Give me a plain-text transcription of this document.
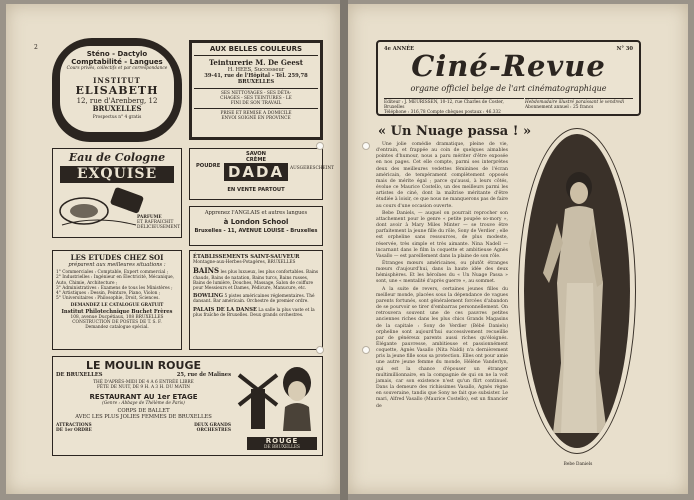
2
Sténo - Dactylo
Comptabilité - Langues
Cours privés, collectifs et par correspondance
INSTITUT
ELISABETH
12, rue d'Arenberg, 12
BRUXELLES
Prospectus n° 4 gratis
AUX BELLES COULEURS
Teinturerie M. De Geest
H. HEES, Successeur
39-41, rue de l'Hôpital - Tél. 259,78
BRUXELLES
SES NETTOYAGES - SES DÉTA-
CHAGES - SES TEINTURES - LE
FINI DE SON TRAVAIL
PRISE ET REMISE A DOMICILE
ENVOI SOIGNÉ EN PROVINCE
Eau de Cologne
EXQUISE
PARFUME
ET RAFRAICHIT
DÉLICIEUSEMENT
SAVON
CRÈME
POUDRE DADA	AUSGEBESCHEINT
EN VENTE PARTOUT
Apprenez l'ANGLAIS et autres langues
à London School
Bruxelles - 11, AVENUE LOUISE - Bruxelles
LES ETUDES CHEZ SOI
préparent aux meilleures situations :
1° Commerciales : Comptable, Expert commercial ;
2° Industrielles : Ingénieur en Électricité, Mécanique, Auto, Chimie, Architecture ;
3° Administratives : Examens de tous les Ministères ;
4° Artistiques : Dessin, Peinture, Piano, Violon ;
5° Universitaires : Philosophie, Droit, Sciences.
DEMANDEZ LE CATALOGUE GRATUIT
Institut Philotechnique Buchet Frères
108, avenue Ducpétiaux, 108 BRUXELLES
CONSTRUCTION DE POSTES DE T. S. F.
Demandez catalogue spécial.
ÉTABLISSEMENTS SAINT-SAUVEUR
Montagne-aux-Herbes-Potagères, BRUXELLES
BAINS les plus luxueux, les plus confortables. Bains chauds, Bains de natation, Bains turcs, Bains russes, Bains de lumière, Douches, Massage, Salon de coiffure pour Messieurs et Dames, Pédicure, Manucure, etc.
BOWLING 5 pistes américaines réglementaires. Thé dansant. Bar américain. Orchestre de premier ordre.
PALAIS DE LA DANSE La salle la plus vaste et la plus fraîche de Bruxelles. Deux grands orchestres.
LE MOULIN ROUGE
DE BRUXELLES	25, rue de Malines
THÉ D'APRÈS-MIDI DE 4 A 6 ENTRÉE LIBRE
FÊTE DE NUIT, DE 9 H. A 3 H. DU MATIN
RESTAURANT AU 1er ETAGE
(Genre : Abbaye de Thélème de Paris)
CORPS DE BALLET
AVEC LES PLUS JOLIES FEMMES DE BRUXELLES
ATTRACTIONS
DE 1er ORDRE
DEUX GRANDS
ORCHESTRES
ROUGE
DE BRUXELLES
4e ANNÉE	N° 30
Ciné-Revue
organe officiel belge de l'art cinématographique
Éditeur : J. MEURISSEN, 10-12, rue Charles de Coster, Bruxelles
Téléphone : 316,78 Compte chèques postaux : 46.332
Hebdomadaire illustré paraissant le vendredi
Abonnement annuel : 25 francs
« Un Nuage passa ! »

Une jolie comédie dramatique, pleine de vie, d'entrain, et frappée au coin de quelques aimables pointes d'humour, nous a paru mériter d'être exposée en nos pages. Cet elle compte, parmi ses interprètes deux des meilleures vedettes féminines de l'écran américain, de tempérament complètement opposés mais de mérite égal ; parce qu'aussi, à leurs côtés, évolue ce Maurice Costello, un des meilleurs parmi les artistes de ciné, dont la maîtrise méritante d'être étudiée à loisir, ce que nous ne manquerons pas de faire au cours d'une occasion ouverte.

Bebe Daniels, — auquel on pourrait reprocher son attachement pour le genre « petite poupée so-mory », dont avoir à Mary Miles Minter — se trouve être parfaitement la jeune fille du rôle, Sony de Verdier ; elle est orpheline sans ressources, de plus modeste, réservée, très simple et très aimante. Nina Nadell — incarnant dans le film la coquette et ambitieuse Agnès Vasallo — est pareillement dans la plaine de son rôle.

Étranges mœurs américaines, ou plutôt étranges mœurs d'aujourd'hui, dans la haute idée des deux hémisphères. Et les héroïnes du « Un Nuage Passa » sont, une « mentalité d'après guerre », au sommet.

A la suite de revers, certaines jeunes filles du meilleur monde, placées sous la dépendance de vagues parents fortunés, sont généralement forcées d'abandon de se pourvoir se tirer d'embarras personnellement. On retrouvera souvent une de ces pauvres petites anciennes riches dans les plus chics Grands Magasins de la capitale : Sony de Verdier (Bébé Daniels) orpheline sont aujourd'hui successivement recueillie par de généreux parents aussi riches qu'éloignés. Élégante pauvresse, ambitieuse et passionnément coquette, Agnès Vasallo (Nita Naldi) n'a dernièrement pris la jeune fille sous sa protection. Elles ont pour amie une autre jeune femme du monde, Hélène Vanderlyn, qui est la chance d'épouser un étranger multimillionnaire, en la compagnie de qui on ne la voit jamais, car son existence n'est qu'un flirt continuel. Dans la demeure des richissimes Vasallo, Agnès règne en souveraine, tandis que Sony ne fait que subsister. Le mari, Alfred Vasallo (Maurice Costello), est un financier de

Bebe Daniels
